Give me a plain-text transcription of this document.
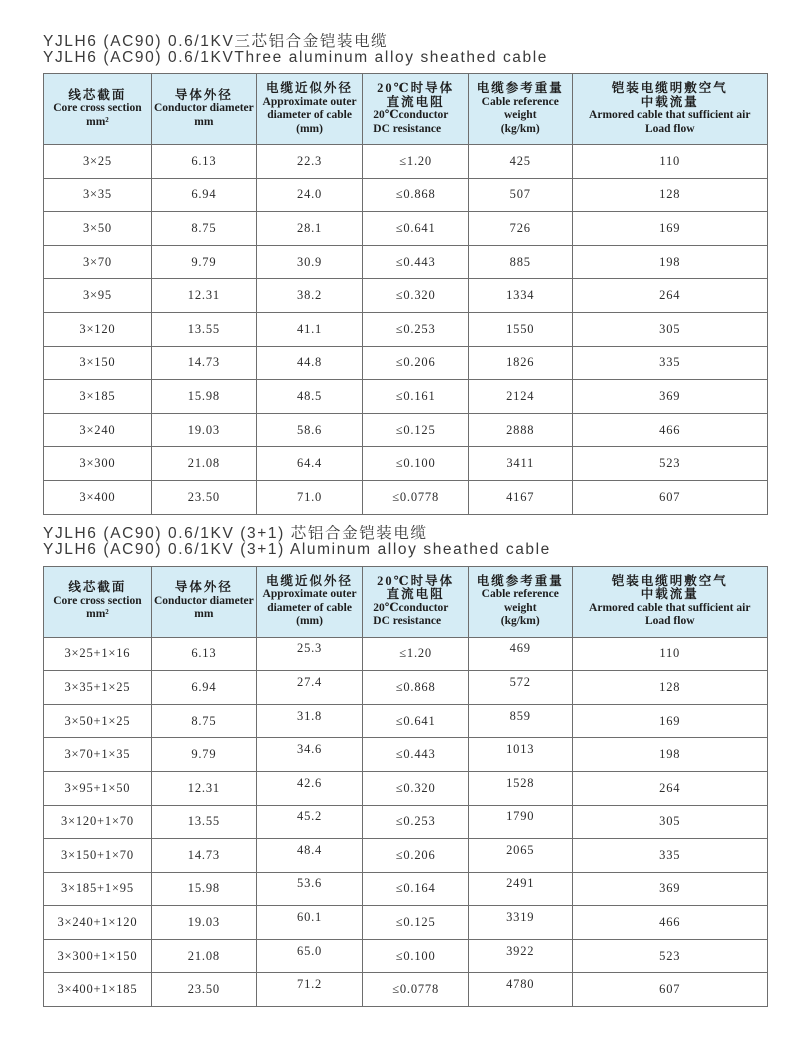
YJLH6 (AC90) 0.6/1KV三芯铝合金铠装电缆
YJLH6 (AC90) 0.6/1KVThree aluminum alloy sheathed cable
线芯截面
Core cross section
mm²	导体外径
Conductor diameter
mm	电缆近似外径
Approximate outer
diameter of cable
(mm)	20℃时导体
直流电阻
20℃conductor
DC resistance	电缆参考重量
Cable reference weight
(kg/km)	铠装电缆明敷空气
中载流量
Armored cable that sufficient air
Load flow

3×25	6.13	22.3	≤1.20	425	110
3×35	6.94	24.0	≤0.868	507	128
3×50	8.75	28.1	≤0.641	726	169
3×70	9.79	30.9	≤0.443	885	198
3×95	12.31	38.2	≤0.320	1334	264
3×120	13.55	41.1	≤0.253	1550	305
3×150	14.73	44.8	≤0.206	1826	335
3×185	15.98	48.5	≤0.161	2124	369
3×240	19.03	58.6	≤0.125	2888	466
3×300	21.08	64.4	≤0.100	3411	523
3×400	23.50	71.0	≤0.0778	4167	607
YJLH6 (AC90) 0.6/1KV (3+1) 芯铝合金铠装电缆
YJLH6 (AC90) 0.6/1KV (3+1) Aluminum alloy sheathed cable
线芯截面
Core cross section
mm²	导体外径
Conductor diameter
mm	电缆近似外径
Approximate outer
diameter of cable
(mm)	20℃时导体
直流电阻
20℃conductor
DC resistance	电缆参考重量
Cable reference weight
(kg/km)	铠装电缆明敷空气
中载流量
Armored cable that sufficient air
Load flow

3×25+1×16	6.13	25.3	≤1.20	469	110
3×35+1×25	6.94	27.4	≤0.868	572	128
3×50+1×25	8.75	31.8	≤0.641	859	169
3×70+1×35	9.79	34.6	≤0.443	1013	198
3×95+1×50	12.31	42.6	≤0.320	1528	264
3×120+1×70	13.55	45.2	≤0.253	1790	305
3×150+1×70	14.73	48.4	≤0.206	2065	335
3×185+1×95	15.98	53.6	≤0.164	2491	369
3×240+1×120	19.03	60.1	≤0.125	3319	466
3×300+1×150	21.08	65.0	≤0.100	3922	523
3×400+1×185	23.50	71.2	≤0.0778	4780	607
